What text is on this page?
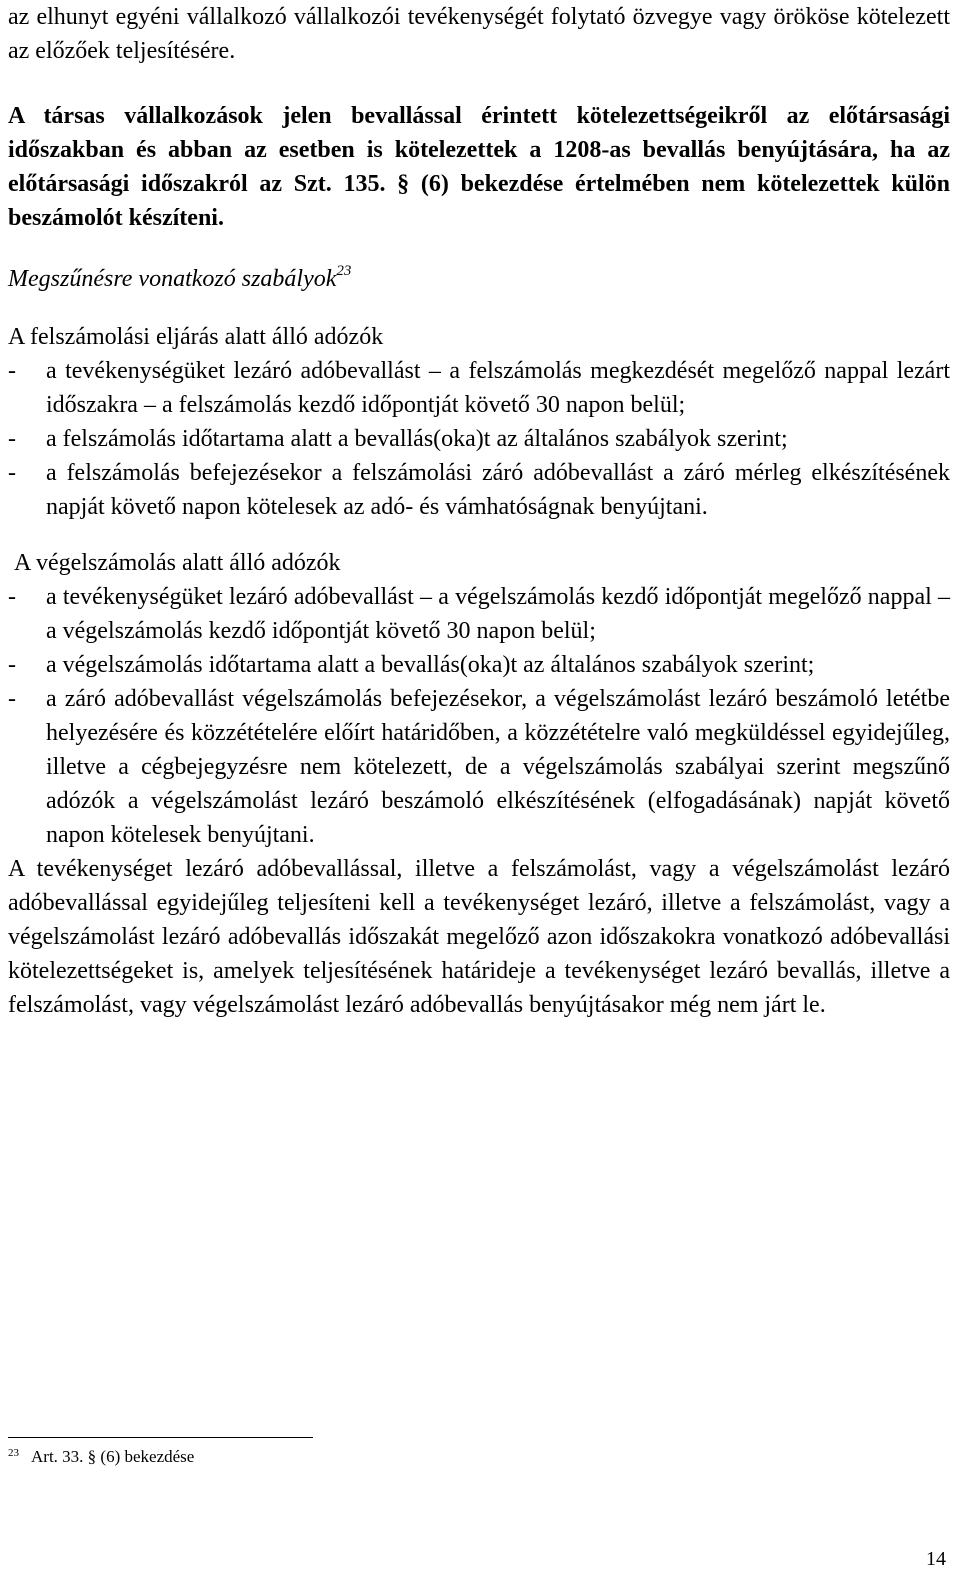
az elhunyt egyéni vállalkozó vállalkozói tevékenységét folytató özvegye vagy örököse kötelezett az előzőek teljesítésére.

A társas vállalkozások jelen bevallással érintett kötelezettségeikről az előtársasági időszakban és abban az esetben is kötelezettek a 1208-as bevallás benyújtására, ha az előtársasági időszakról az Szt. 135. § (6) bekezdése értelmében nem kötelezettek külön beszámolót készíteni.

Megszűnésre vonatkozó szabályok$^{23}$

A felszámolási eljárás alatt álló adózók

-	a tevékenységüket lezáró adóbevallást – a felszámolás megkezdését megelőző nappal lezárt időszakra – a felszámolás kezdő időpontját követő 30 napon belül;
-	a felszámolás időtartama alatt a bevallás(oka)t az általános szabályok szerint;
-	a felszámolás befejezésekor a felszámolási záró adóbevallást a záró mérleg elkészítésének napját követő napon kötelesek az adó- és vámhatóságnak benyújtani.

A végelszámolás alatt álló adózók

-	a tevékenységüket lezáró adóbevallást – a végelszámolás kezdő időpontját megelőző nappal – a végelszámolás kezdő időpontját követő 30 napon belül;
-	a végelszámolás időtartama alatt a bevallás(oka)t az általános szabályok szerint;
-	a záró adóbevallást végelszámolás befejezésekor, a végelszámolást lezáró beszámoló letétbe helyezésére és közzétételére előírt határidőben, a közzétételre való megküldéssel egyidejűleg, illetve a cégbejegyzésre nem kötelezett, de a végelszámolás szabályai szerint megszűnő adózók a végelszámolást lezáró beszámoló elkészítésének (elfogadásának) napját követő napon kötelesek benyújtani.

A tevékenységet lezáró adóbevallással, illetve a felszámolást, vagy a végelszámolást lezáró adóbevallással egyidejűleg teljesíteni kell a tevékenységet lezáró, illetve a felszámolást, vagy a végelszámolást lezáró adóbevallás időszakát megelőző azon időszakokra vonatkozó adóbevallási kötelezettségeket is, amelyek teljesítésének határideje a tevékenységet lezáró bevallás, illetve a felszámolást, vagy végelszámolást lezáró adóbevallás benyújtásakor még nem járt le.

$^{23}$ Art. 33. § (6) bekezdése
14
